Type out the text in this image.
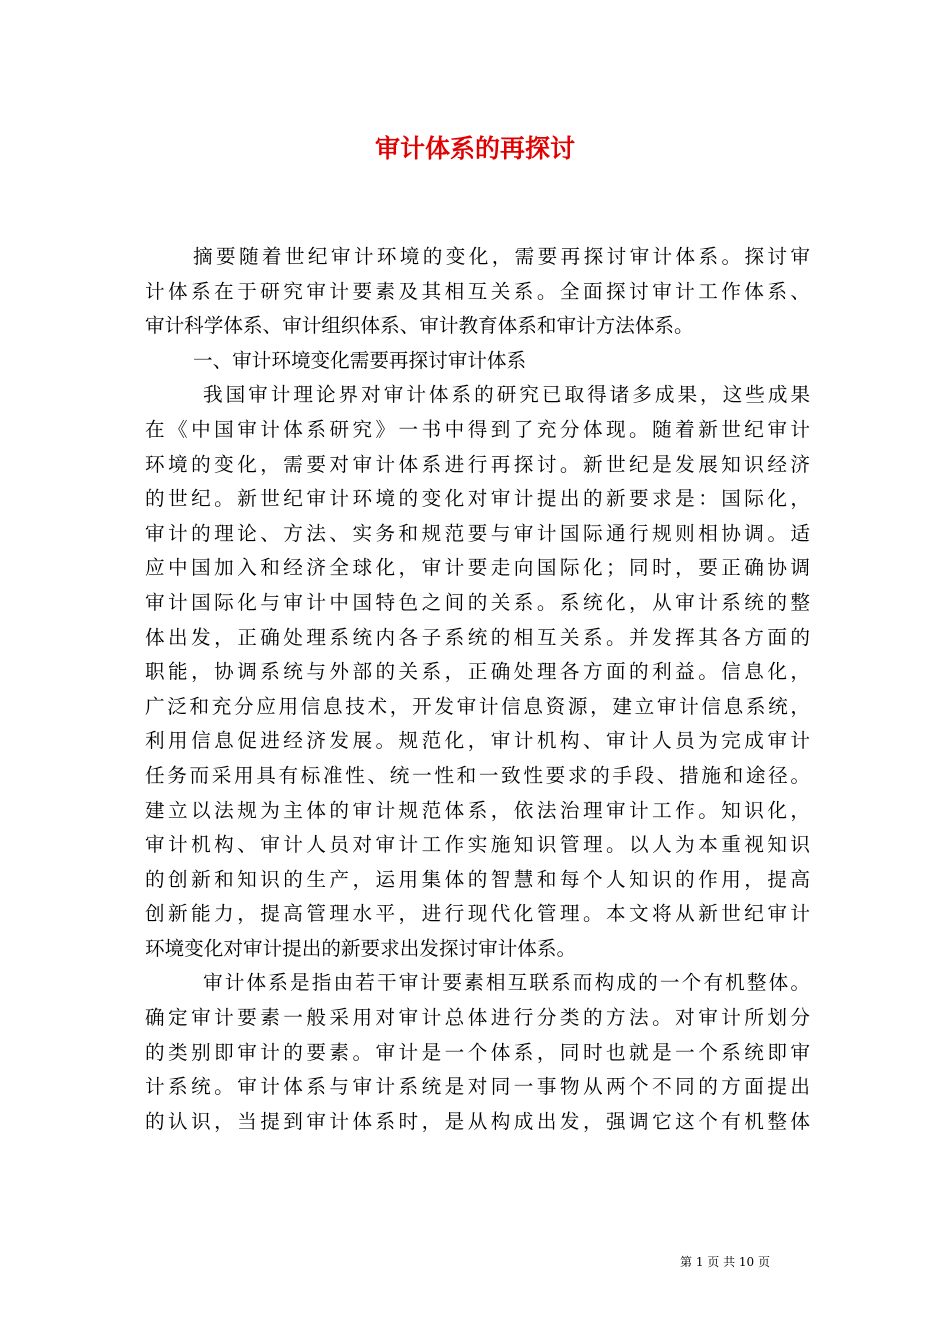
审计体系的再探讨
摘要随着世纪审计环境的变化，需要再探讨审计体系。探讨审
计体系在于研究审计要素及其相互关系。全面探讨审计工作体系、
审计科学体系、审计组织体系、审计教育体系和审计方法体系。
一、审计环境变化需要再探讨审计体系
我国审计理论界对审计体系的研究已取得诸多成果，这些成果
在《中国审计体系研究》一书中得到了充分体现。随着新世纪审计
环境的变化，需要对审计体系进行再探讨。新世纪是发展知识经济
的世纪。新世纪审计环境的变化对审计提出的新要求是：国际化，
审计的理论、方法、实务和规范要与审计国际通行规则相协调。适
应中国加入和经济全球化，审计要走向国际化；同时，要正确协调
审计国际化与审计中国特色之间的关系。系统化，从审计系统的整
体出发，正确处理系统内各子系统的相互关系。并发挥其各方面的
职能，协调系统与外部的关系，正确处理各方面的利益。信息化，
广泛和充分应用信息技术，开发审计信息资源，建立审计信息系统，
利用信息促进经济发展。规范化，审计机构、审计人员为完成审计
任务而采用具有标准性、统一性和一致性要求的手段、措施和途径。
建立以法规为主体的审计规范体系，依法治理审计工作。知识化，
审计机构、审计人员对审计工作实施知识管理。以人为本重视知识
的创新和知识的生产，运用集体的智慧和每个人知识的作用，提高
创新能力，提高管理水平，进行现代化管理。本文将从新世纪审计
环境变化对审计提出的新要求出发探讨审计体系。
审计体系是指由若干审计要素相互联系而构成的一个有机整体。
确定审计要素一般采用对审计总体进行分类的方法。对审计所划分
的类别即审计的要素。审计是一个体系，同时也就是一个系统即审
计系统。审计体系与审计系统是对同一事物从两个不同的方面提出
的认识，当提到审计体系时，是从构成出发，强调它这个有机整体
第 1 页 共 10 页
